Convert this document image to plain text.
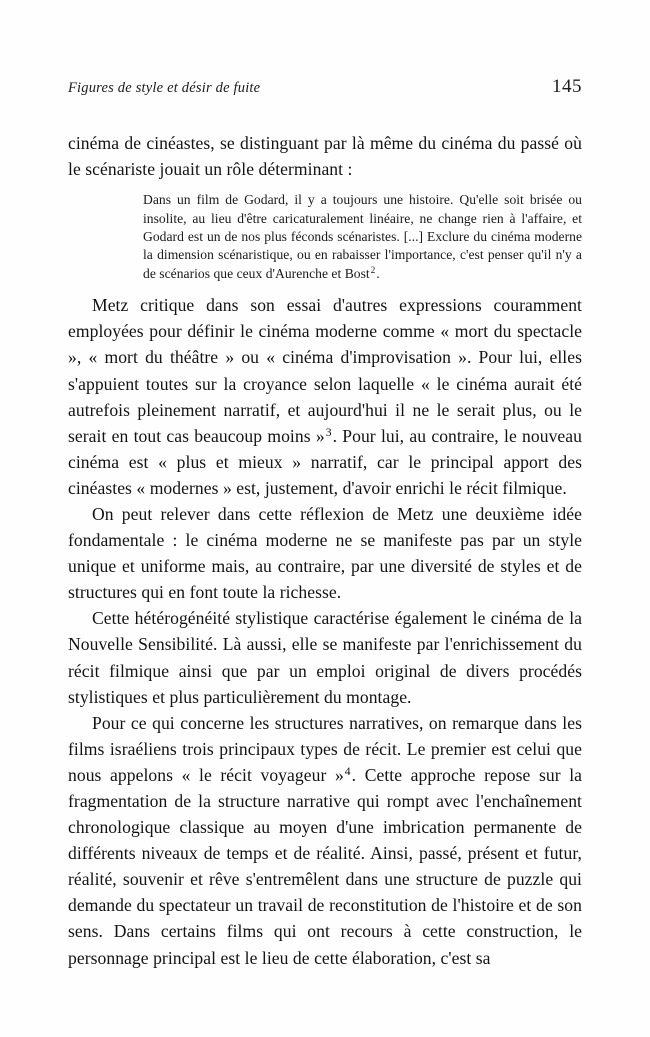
Figures de style et désir de fuite	145

cinéma de cinéastes, se distinguant par là même du cinéma du passé où le scénariste jouait un rôle déterminant :

Dans un film de Godard, il y a toujours une histoire. Qu'elle soit brisée ou insolite, au lieu d'être caricaturalement linéaire, ne change rien à l'affaire, et Godard est un de nos plus féconds scénaristes. [...] Exclure du cinéma moderne la dimension scénaristique, ou en rabaisser l'importance, c'est penser qu'il n'y a de scénarios que ceux d'Aurenche et Bost$^2$.

Metz critique dans son essai d'autres expressions couramment employées pour définir le cinéma moderne comme « mort du spectacle », « mort du théâtre » ou « cinéma d'improvisation ». Pour lui, elles s'appuient toutes sur la croyance selon laquelle « le cinéma aurait été autrefois pleinement narratif, et aujourd'hui il ne le serait plus, ou le serait en tout cas beaucoup moins »$^3$. Pour lui, au contraire, le nouveau cinéma est « plus et mieux » narratif, car le principal apport des cinéastes « modernes » est, justement, d'avoir enrichi le récit filmique.

On peut relever dans cette réflexion de Metz une deuxième idée fondamentale : le cinéma moderne ne se manifeste pas par un style unique et uniforme mais, au contraire, par une diversité de styles et de structures qui en font toute la richesse.

Cette hétérogénéité stylistique caractérise également le cinéma de la Nouvelle Sensibilité. Là aussi, elle se manifeste par l'enrichissement du récit filmique ainsi que par un emploi original de divers procédés stylistiques et plus particulièrement du montage.

Pour ce qui concerne les structures narratives, on remarque dans les films israéliens trois principaux types de récit. Le premier est celui que nous appelons « le récit voyageur »$^4$. Cette approche repose sur la fragmentation de la structure narrative qui rompt avec l'enchaînement chronologique classique au moyen d'une imbrication permanente de différents niveaux de temps et de réalité. Ainsi, passé, présent et futur, réalité, souvenir et rêve s'entremêlent dans une structure de puzzle qui demande du spectateur un travail de reconstitution de l'histoire et de son sens. Dans certains films qui ont recours à cette construction, le personnage principal est le lieu de cette élaboration, c'est sa
